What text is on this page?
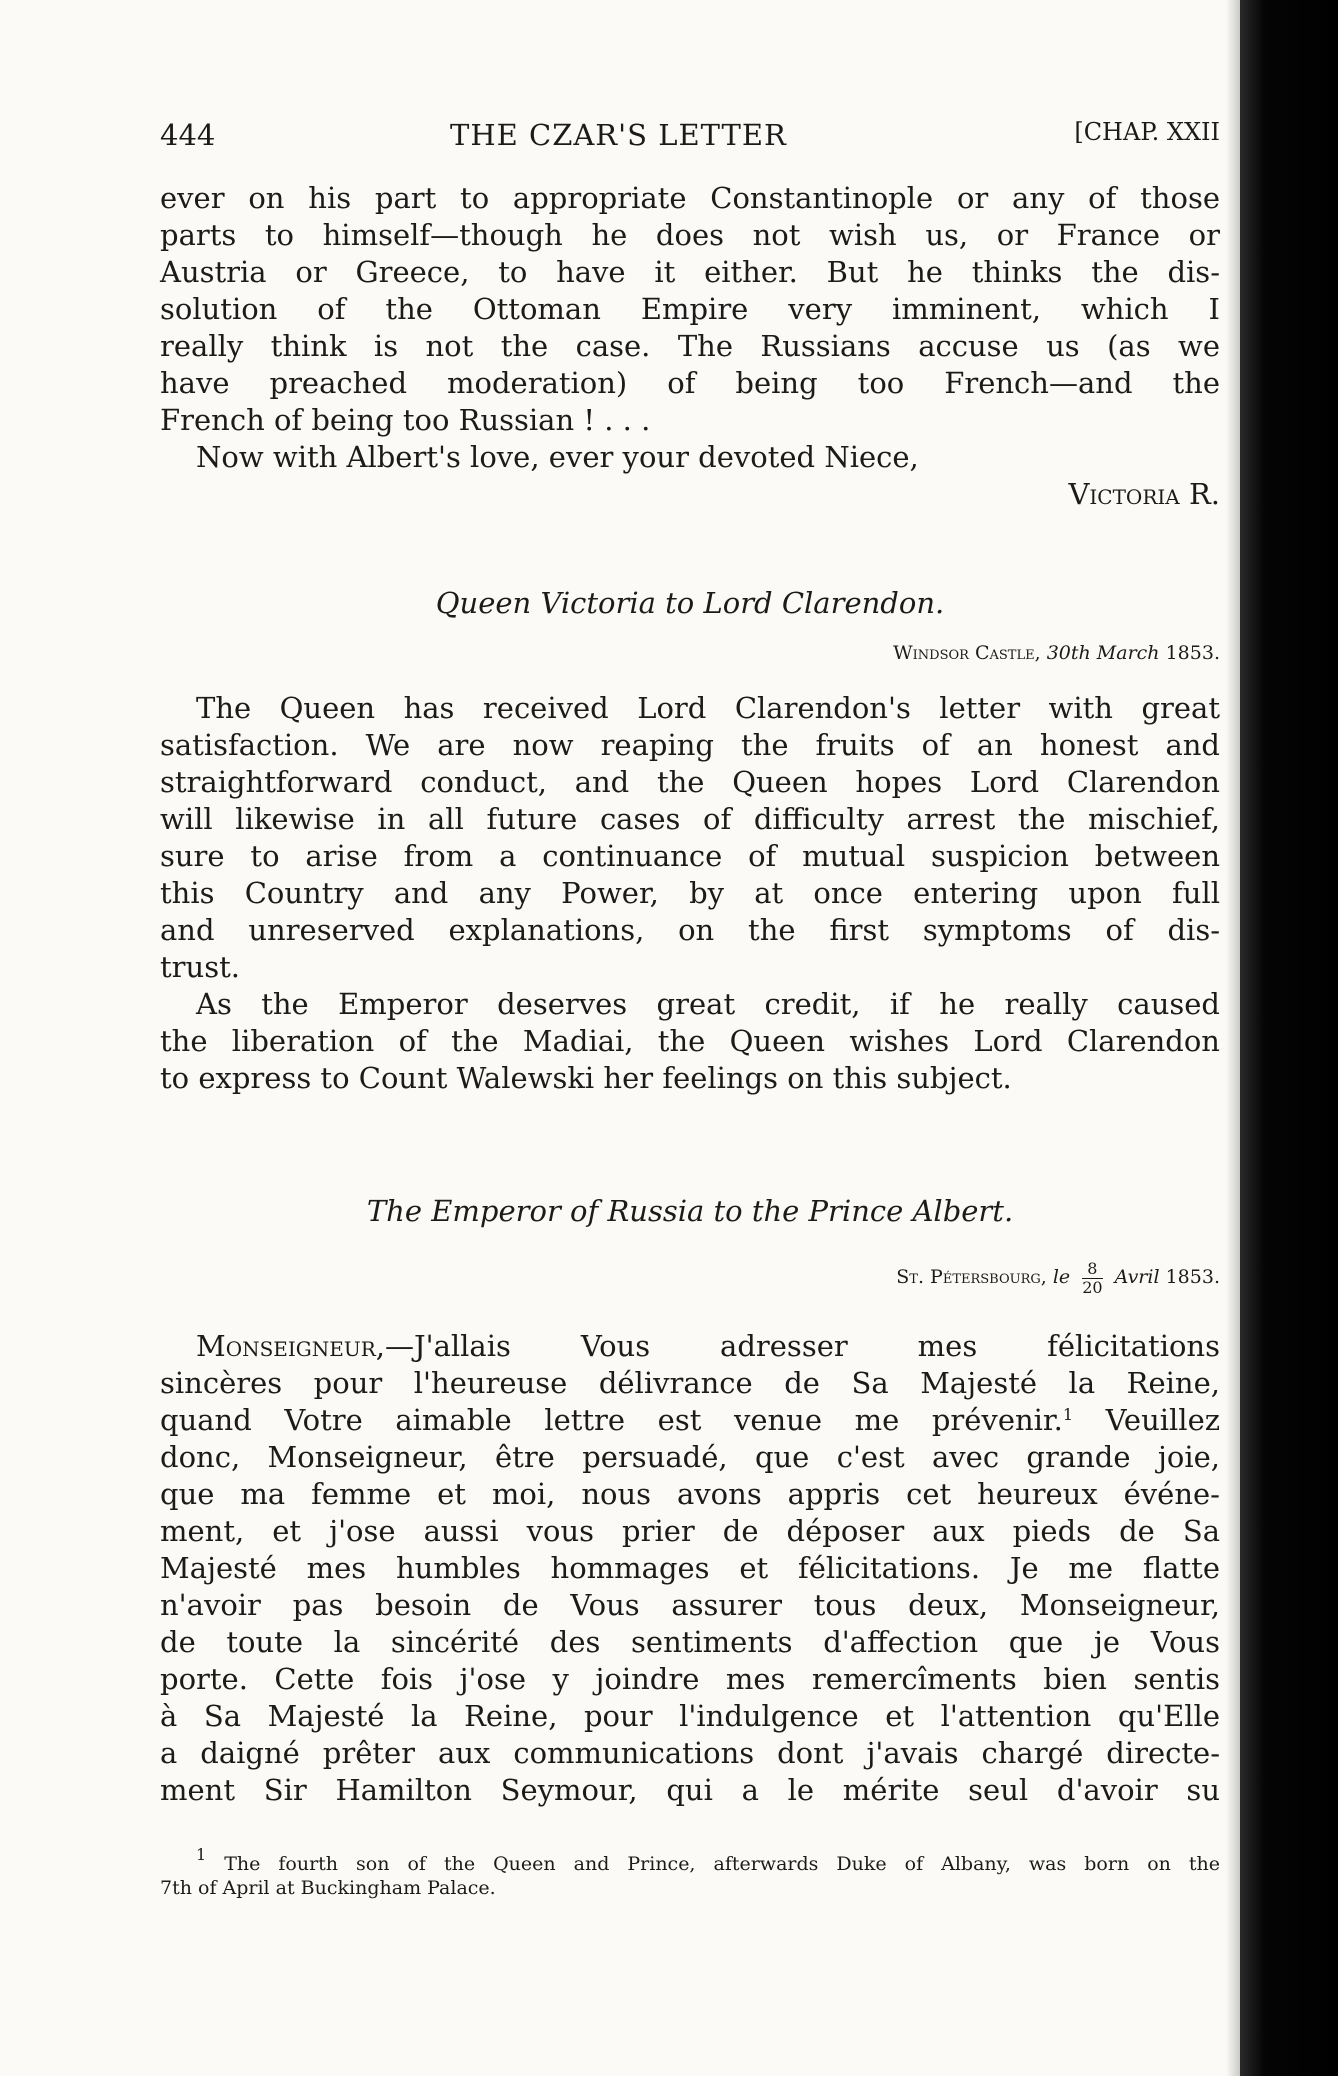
444	THE CZAR'S LETTER	[CHAP. XXII
ever on his part to appropriate Constantinople or any of those
parts to himself—though he does not wish us, or France or
Austria or Greece, to have it either. But he thinks the dis-
solution of the Ottoman Empire very imminent, which I
really think is not the case. The Russians accuse us (as we
have preached moderation) of being too French—and the
French of being too Russian ! . . .
Now with Albert's love, ever your devoted Niece,
Victoria R.
Queen Victoria to Lord Clarendon.
Windsor Castle, 30th March 1853.
The Queen has received Lord Clarendon's letter with great
satisfaction. We are now reaping the fruits of an honest and
straightforward conduct, and the Queen hopes Lord Clarendon
will likewise in all future cases of difficulty arrest the mischief,
sure to arise from a continuance of mutual suspicion between
this Country and any Power, by at once entering upon full
and unreserved explanations, on the first symptoms of dis-
trust.
As the Emperor deserves great credit, if he really caused
the liberation of the Madiai, the Queen wishes Lord Clarendon
to express to Count Walewski her feelings on this subject.
The Emperor of Russia to the Prince Albert.
St. Pétersbourg, le $\frac{8}{20}$ Avril 1853.
Monseigneur,—J'allais Vous adresser mes félicitations
sincères pour l'heureuse délivrance de Sa Majesté la Reine,
quand Votre aimable lettre est venue me prévenir.$^1$ Veuillez
donc, Monseigneur, être persuadé, que c'est avec grande joie,
que ma femme et moi, nous avons appris cet heureux événe-
ment, et j'ose aussi vous prier de déposer aux pieds de Sa
Majesté mes humbles hommages et félicitations. Je me flatte
n'avoir pas besoin de Vous assurer tous deux, Monseigneur,
de toute la sincérité des sentiments d'affection que je Vous
porte. Cette fois j'ose y joindre mes remercîments bien sentis
à Sa Majesté la Reine, pour l'indulgence et l'attention qu'Elle
a daigné prêter aux communications dont j'avais chargé directe-
ment Sir Hamilton Seymour, qui a le mérite seul d'avoir su
$^1$ The fourth son of the Queen and Prince, afterwards Duke of Albany, was born on the
7th of April at Buckingham Palace.
